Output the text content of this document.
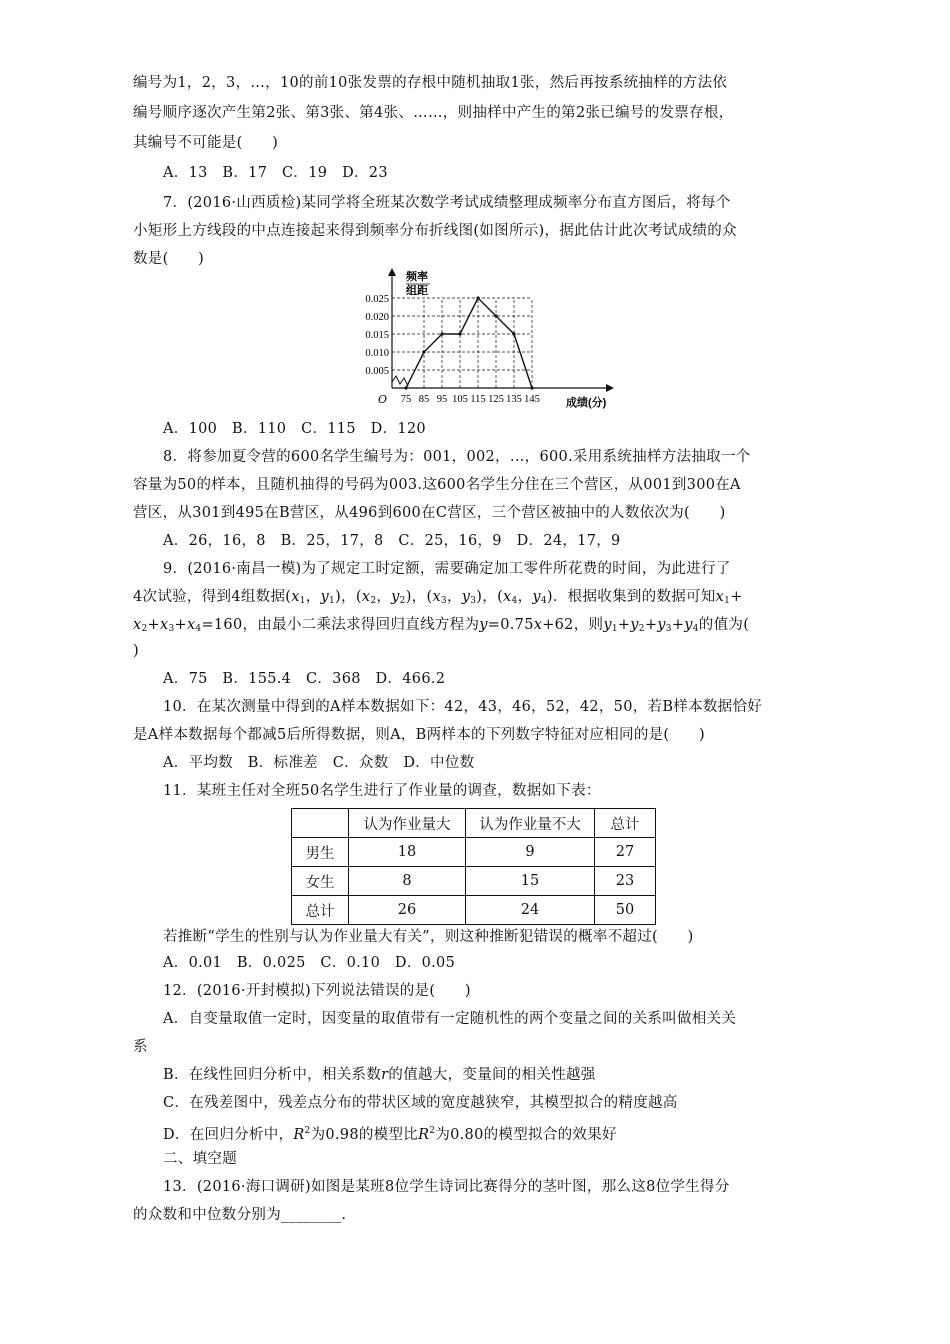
编号为1，2，3，…，10的前10张发票的存根中随机抽取1张，然后再按系统抽样的方法依
编号顺序逐次产生第2张、第3张、第4张、……，则抽样中产生的第2张已编号的发票存根，
其编号不可能是(　　)
A．13　B．17　C．19　D．23
7．(2016·山西质检)某同学将全班某次数学考试成绩整理成频率分布直方图后，将每个
小矩形上方线段的中点连接起来得到频率分布折线图(如图所示)，据此估计此次考试成绩的众
数是(　　)
频率
组距
O
0.005
0.010
0.015
0.020
0.025
75 85 95 105 115 125 135 145 成绩(分)
A．100　B．110　C．115　D．120
8．将参加夏令营的600名学生编号为：001，002，…，600.采用系统抽样方法抽取一个
容量为50的样本，且随机抽得的号码为003.这600名学生分住在三个营区，从001到300在A
营区，从301到495在B营区，从496到600在C营区，三个营区被抽中的人数依次为(　　)
A．26，16，8　B．25，17，8　C．25，16，9　D．24，17，9
9．(2016·南昌一模)为了规定工时定额，需要确定加工零件所花费的时间，为此进行了
4次试验，得到4组数据($x_1$，$y_1$)，($x_2$，$y_2$)，($x_3$，$y_3$)，($x_4$，$y_4$)．根据收集到的数据可知$x_1+$
$x_2+x_3+x_4=160$，由最小二乘法求得回归直线方程为y=0.75x+62，则$y_1+y_2+y_3+y_4$的值为(
)
A．75　B．155.4　C．368　D．466.2
10．在某次测量中得到的A样本数据如下：42，43，46，52，42，50，若B样本数据恰好
是A样本数据每个都减5后所得数据，则A，B两样本的下列数字特征对应相同的是(　　)
A．平均数　B．标准差　C．众数　D．中位数
11．某班主任对全班50名学生进行了作业量的调查，数据如下表：
	认为作业量大	认为作业量不大	总计
男生	18	9	27
女生	8	15	23
总计	26	24	50
若推断“学生的性别与认为作业量大有关”，则这种推断犯错误的概率不超过(　　)
A．0.01　B．0.025　C．0.10　D．0.05
12．(2016·开封模拟)下列说法错误的是(　　)
A．自变量取值一定时，因变量的取值带有一定随机性的两个变量之间的关系叫做相关关
系
B．在线性回归分析中，相关系数r的值越大，变量间的相关性越强
C．在残差图中，残差点分布的带状区域的宽度越狭窄，其模型拟合的精度越高
D．在回归分析中，$R^2$为0.98的模型比$R^2$为0.80的模型拟合的效果好
二、填空题
13．(2016·海口调研)如图是某班8位学生诗词比赛得分的茎叶图，那么这8位学生得分
的众数和中位数分别为________.
